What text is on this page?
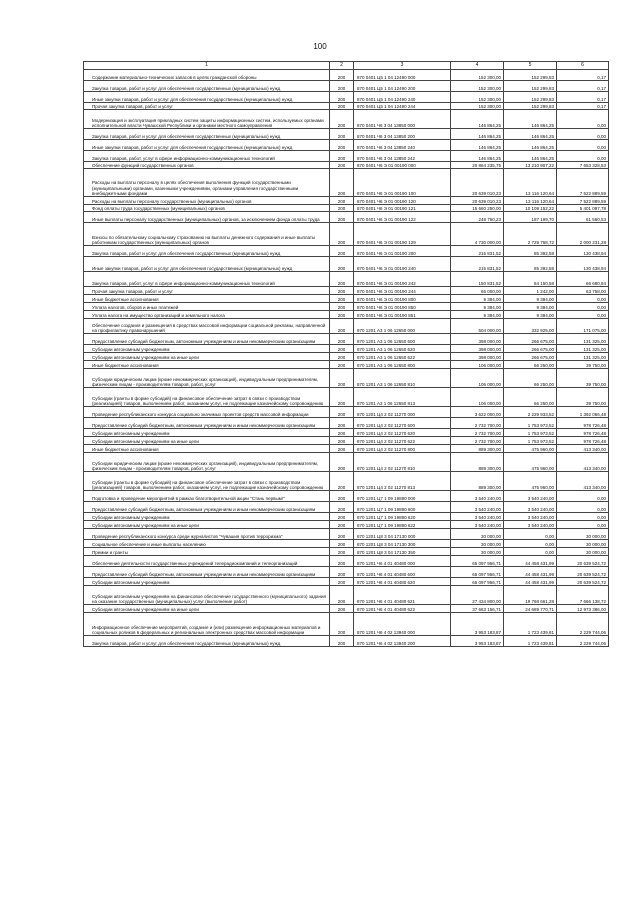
100
1	2	3	4	5	6
Содержание материально-технических запасов в целях гражданской обороны	200	870 0401 Ц5 1 04 12490 000	152 300,00	152 299,83	0,17
Закупка товаров, работ и услуг для обеспечения государственных (муниципальных) нужд	200	870 0401 Ц5 1 04 12490 200	152 300,00	152 299,83	0,17
Иные закупки товаров, работ и услуг для обеспечения государственных (муниципальных) нужд	200	870 0401 Ц5 1 04 12490 240	152 300,00	152 299,83	0,17
Прочая закупка товаров, работ и услуг	200	870 0401 Ц5 1 04 12490 244	152 300,00	152 299,83	0,17
Модернизация и эксплуатация прикладных систем защиты информационных систем, используемых органами исполнительной власти Чувашской Республики и органами местного самоуправления	200	870 0401 Ч6 3 04 13850 000	146 864,25	146 864,25	0,00
Закупка товаров, работ и услуг для обеспечения государственных (муниципальных) нужд	200	870 0401 Ч6 3 04 13850 200	146 864,25	146 864,25	0,00
Иные закупки товаров, работ и услуг для обеспечения государственных (муниципальных) нужд	200	870 0401 Ч6 3 04 13850 240	146 864,25	146 864,25	0,00
Закупка товаров, работ, услуг в сфере информационно-коммуникационных технологий	200	870 0401 Ч6 3 04 13850 242	146 864,25	146 864,25	0,00
Обеспечение функций государственных органов	200	870 0401 Ч6 Э 01 00190 000	20 864 235,75	13 210 907,22	7 653 328,53
Расходы на выплаты персоналу в целях обеспечения выполнения функций государственными (муниципальными) органами, казенными учреждениями, органами управления государственными внебюджетными фондами	200	870 0401 Ч6 Э 01 00190 100	20 639 010,23	13 116 120,64	7 522 889,59
Расходы на выплаты персоналу государственных (муниципальных) органов	200	870 0401 Ч6 Э 01 00190 120	20 639 010,23	13 116 120,64	7 522 889,59
Фонд оплаты труда государственных (муниципальных) органов	200	870 0401 Ч6 Э 01 00190 121	15 660 250,00	10 109 152,22	5 401 097,78
Иные выплаты персоналу государственных (муниципальных) органов, за исключением фонда оплаты труда	200	870 0401 Ч6 Э 01 00190 122	248 760,23	187 199,70	61 560,53
Взносы по обязательному социальному страхованию на выплаты денежного содержания и иные выплаты работникам государственных (муниципальных) органов	200	870 0401 Ч6 Э 01 00190 129	4 730 000,00	2 729 768,72	2 000 231,28
Закупка товаров, работ и услуг для обеспечения государственных (муниципальных) нужд	200	870 0401 Ч6 Э 01 00190 200	215 831,52	85 392,58	130 438,94
Иные закупки товаров, работ и услуг для обеспечения государственных (муниципальных) нужд	200	870 0401 Ч6 Э 01 00190 240	215 831,52	85 392,58	130 438,94
Закупка товаров, работ, услуг в сфере информационно-коммуникационных технологий	200	870 0401 Ч6 Э 01 00190 242	150 831,52	84 150,58	66 680,94
Прочая закупка товаров, работ и услуг	200	870 0401 Ч6 Э 01 00190 244	65 000,00	1 242,00	63 758,00
Иные бюджетные ассигнования	200	870 0401 Ч6 Э 01 00190 800	9 394,00	9 394,00	0,00
Уплата налогов, сборов и иных платежей	200	870 0401 Ч6 Э 01 00190 850	9 394,00	9 394,00	0,00
Уплата налога на имущество организаций и земельного налога	200	870 0401 Ч6 Э 01 00190 851	9 394,00	9 394,00	0,00
Обеспечение создания и размещения в средствах массовой информации социальной рекламы, направленной на профилактику правонарушений	200	870 1201 А3 1 06 12650 000	504 000,00	332 925,00	171 075,00
Предоставление субсидий бюджетным, автономным учреждениям и иным некоммерческим организациям	200	870 1201 А3 1 06 12650 600	398 000,00	266 675,00	131 325,00
Субсидии автономным учреждениям	200	870 1201 А3 1 06 12650 620	398 000,00	266 675,00	131 325,00
Субсидии автономным учреждениям на иные цели	200	870 1201 А3 1 06 12650 622	398 000,00	266 675,00	131 325,00
Иные бюджетные ассигнования	200	870 1201 А3 1 06 12650 800	106 000,00	66 250,00	39 750,00
Субсидии юридическим лицам (кроме некоммерческих организаций), индивидуальным предпринимателям, физическим лицам - производителям товаров, работ, услуг	200	870 1201 А3 1 06 12650 810	106 000,00	66 250,00	39 750,00
Субсидии (гранты в форме субсидий) на финансовое обеспечение затрат в связи с производством (реализацией) товаров, выполнением работ, оказанием услуг, не подлежащие казначейскому сопровождению	200	870 1201 А3 1 06 12650 813	106 000,00	66 250,00	39 750,00
Проведение республиканского конкурса социально значимых проектов средств массовой информации	200	870 1201 Ц4 2 02 11270 000	3 622 000,00	2 229 933,52	1 392 066,48
Предоставление субсидий бюджетным, автономным учреждениям и иным некоммерческим организациям	200	870 1201 Ц4 2 02 11270 600	2 732 700,00	1 753 973,52	978 726,48
Субсидии автономным учреждениям	200	870 1201 Ц4 2 02 11270 620	2 732 700,00	1 753 973,52	978 726,48
Субсидии автономным учреждениям на иные цели	200	870 1201 Ц4 2 02 11270 622	2 732 700,00	1 753 973,52	978 726,48
Иные бюджетные ассигнования	200	870 1201 Ц4 2 02 11270 800	889 300,00	475 960,00	413 340,00
Субсидии юридическим лицам (кроме некоммерческих организаций), индивидуальным предпринимателям, физическим лицам - производителям товаров, работ, услуг	200	870 1201 Ц4 2 02 11270 810	889 300,00	475 960,00	413 340,00
Субсидии (гранты в форме субсидий) на финансовое обеспечение затрат в связи с производством (реализацией) товаров, выполнением работ, оказанием услуг, не подлежащие казначейскому сопровождению	200	870 1201 Ц4 2 02 11270 813	889 300,00	475 960,00	413 340,00
Подготовка и проведение мероприятий в рамках благотворительной акции "Стань первым!"	200	870 1201 Ц7 1 09 19890 000	3 540 240,00	3 540 240,00	0,00
Предоставление субсидий бюджетным, автономным учреждениям и иным некоммерческим организациям	200	870 1201 Ц7 1 09 19890 600	3 540 240,00	3 540 240,00	0,00
Субсидии автономным учреждениям	200	870 1201 Ц7 1 09 19890 620	3 540 240,00	3 540 240,00	0,00
Субсидии автономным учреждениям на иные цели	200	870 1201 Ц7 1 09 19890 622	3 540 240,00	3 540 240,00	0,00
Проведение республиканского конкурса среди журналистов "Чувашия против терроризма"	200	870 1201 Ц8 3 04 17130 000	30 000,00	0,00	30 000,00
Социальное обеспечение и иные выплаты населению	200	870 1201 Ц8 3 04 17130 300	30 000,00	0,00	30 000,00
Премии и гранты	200	870 1201 Ц8 3 04 17130 350	30 000,00	0,00	30 000,00
Обеспечение деятельности государственных учреждений телерадиокомпаний и телеорганизаций	200	870 1201 Ч6 4 01 40480 000	65 097 956,71	44 458 431,99	20 639 524,72
Предоставление субсидий бюджетным, автономным учреждениям и иным некоммерческим организациям	200	870 1201 Ч6 4 01 40480 600	65 097 956,71	44 458 431,99	20 639 524,72
Субсидии автономным учреждениям	200	870 1201 Ч6 4 01 40480 620	65 097 956,71	44 458 431,99	20 639 524,72
Субсидии автономным учреждениям на финансовое обеспечение государственного (муниципального) задания на оказание государственных (муниципальных) услуг (выполнение работ)	200	870 1201 Ч6 4 01 40480 621	27 434 800,00	19 768 661,28	7 666 138,72
Субсидии автономным учреждениям на иные цели	200	870 1201 Ч6 4 01 40480 622	37 663 156,71	24 689 770,71	12 973 386,00
Информационное обеспечение мероприятий, создание и (или) размещение информационных материалов и социальных роликов в федеральных и региональных электронных средствах массовой информации	200	870 1201 Ч6 4 02 13940 000	3 953 183,87	1 723 439,81	2 229 744,06
Закупка товаров, работ и услуг для обеспечения государственных (муниципальных) нужд	200	870 1201 Ч6 4 02 13940 200	3 953 183,87	1 723 439,81	2 229 744,06
